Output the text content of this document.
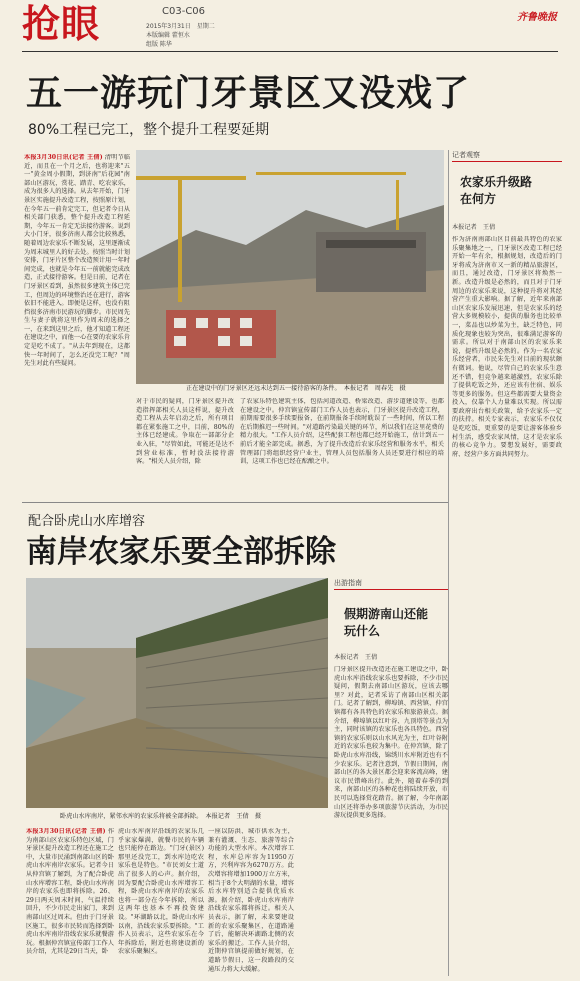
抢眼	C03-C06
2015年3月31日　星期二
本版编辑 藿恒水
组版 陈华
齐鲁晚报
五一游玩门牙景区又没戏了
80%工程已完工，整个提升工程要延期
正在建设中的门牙景区还远未达到五一接待游客的条件。　本报记者　周春先　摄
本报3月30日讯(记者 王倩) 清明节临近，而且在一个月之后，也将迎来"五一"黄金周小假期，到济南"后花园"南部山区游玩，赏花、踏青、吃农家乐，成为很多人的选择。从去年开始，门牙景区实施提升改造工程，按照原计划，在今年五一前肯定完工，但记者今日从相关部门获悉，整个提升改造工程延期，今年五一肯定无法接待游客。说到大小门牙，很多济南人都会比较熟悉，随着周边农家乐不断发展，这里逐渐成为周末城里人的好去处。按照当时计划安排，门牙片区整个改造预计用一年时间完成，也就是今年五一前就能完成改造，正式接待游客。但是日前，记者在门牙景区看到，虽然很多建筑主体已完工，但周边的环境整治还在进行，游客依旧不能进入。即便是这样，也没有阻挡很多济南市民游玩的脚步。市民周先生与妻子就将这里作为周末的选择之一，在来到这里之后，他才知道工程还在建设之中，而他一心在要的农家乐肯定是吃不成了。"从去年到现在，这都快一年时间了，怎么还没完工呢？"周先生对此有些疑问。
对于市民的疑问，门牙景区提升改造指挥部相关人员这样说，提升改造工程从去年启动之后，所有项目都在紧张施工之中，目前，80%的主体已经建成。争取在一部部分企业入驻，"尽管如此，可能还是达不到营业标准，暂时没法接待游客。"相关人员介绍，除
了农家乐特色建筑主体，包括河道改造、桥梁改造、游步道建设等，也都在建设之中。仲宫镇宣传部门工作人员也表示，门牙景区提升改造工程，前期需要很多手续要报备，在前期报备手续时耽误了一些时间，所以工程在后期推迟一些时间。"对道路污染最关键的环节，所以我们在这里花费的精力很大。"工作人员介绍，这些配套工程也都已经开始施工，估计到五一前后才能全部完成。据悉，为了提升改造后农家乐经营和服务水平，相关管理部门将组织经营户业主，管理人员包括服务人员还要进行相应的培训，这项工作也已经在酝酿之中。
记者观察
农家乐升级路在何方
本报记者　王倩
作为济南南部山区目前最具特色的农家乐聚集地之一，门牙景区改造工程已经开始一年有余，根据规划，改造后的门牙将成为济南市又一新的精品旅游区，而且，通过改造，门牙景区将焕然一新。改造升级是必然的，而且对于门牙周边的农家乐来说，这种提升将对其经营产生重大影响。据了解，近年来南部山区农家乐发展迅速，但是农家乐的经营大多规模较小，提供的服务也比较单一，菜品也以炒菜为主，缺乏特色，同质化现象也较为突出，很难满足游客的需求。所以对于南部山区的农家乐来说，提档升级是必然的。作为一名农家乐经营者，市民朱先生对目前的现状颇有微词。他说，尽管自己的农家乐生意还不错，但竞争越来越激烈，农家乐除了提供吃饭之外，还应该有住宿、娱乐等更多的服务。但这些都需要大量资金投入，仅靠个人力量难以实现。所以需要政府出台相关政策，给予农家乐一定的扶持。相关专家表示，农家乐不仅仅是吃吃饭，更重要的是要让游客体验乡村生活，感受农家风情，这才是农家乐的核心竞争力。要想发展好，需要政府、经营户多方面共同努力。
配合卧虎山水库增容
南岸农家乐要全部拆除
卧虎山水库南岸，紧邻水库的农家乐将被全部拆除。　本报记者　王倩　摄
本报3月30日讯(记者 王倩) 作为南部山区农家乐特色区域，门牙景区提升改造工程还在施工之中，大量市民涌到南部山区的卧虎山水库南岸农家乐。记者今日从仲宫镇了解到，为了配合卧虎山水库增容工程，卧虎山水库南岸的农家乐也即将拆除。26、29日两天周末时间，气温持续回升，不少市民走出家门，来到南部山区过周末。但由于门牙景区施工，很多市民转而选择到卧虎山水库南岸沿线农家乐就餐游玩。根据仲宫镇宣传部门工作人员介绍，尤其是29日当天，卧
虎山水库南岸沿线的农家乐几乎家家爆满，就餐市民的车辆也只能停在路边。"门牙(景区)那里还没完工，到水库边吃农家乐也是特色。"市民刘女士道出了很多人的心声。据介绍，因为要配合卧虎山水库增容工程，卧虎山水库南岸的农家乐也将一部分在今年拆除，所以这两年也基本不再投资建设。"环湖路以北，卧虎山水库以南，沿线农家乐要拆除。"工作人员表示，这些农家乐在今年拆除后，附近也将建设新的农家乐聚集区。
一座以防洪、城市供水为主，兼有灌溉、生态、旅游等综合功能的大型水库。本次增容工程，水库总库容为11950万方，兴利库容为6270万方。此次增容将增加1900万立方米，相当于8个大明湖的水量，增容后水库特别适合提供优质水源。据介绍，卧虎山水库南岸沿线农家乐都将拆迁。相关人员表示，据了解，未来要建设新的农家乐聚集区，在道路通了后，能解决环湖路北侧的农家乐的搬迁。工作人员介绍，近期仲宫镇提前做好规划，在道路节假日，这一段路段的交通压力将大大缓解。
出游指南
假期游南山还能玩什么
本报记者　王倩
门牙景区提升改造还在施工建设之中，卧虎山水库沿线农家乐也要拆除，不少市民疑问，假期去南部山区游玩，应该去哪里？对此，记者采访了南部山区相关部门。记者了解到，柳埠镇、西营镇、仲宫镇都有各具特色的农家乐和旅游景点。据介绍，柳埠镇以红叶谷、九顶塔等景点为主，同时该镇的农家乐也各具特色。西营镇的农家乐则以山水风光为主，红叶谷附近的农家乐也较为集中。在仲宫镇，除了卧虎山水库沿线，锦绣川水库附近也有不少农家乐。记者注意到，节假日期间，南部山区的各大景区都会迎来客流高峰，建议市民错峰出行。此外，随着春季的到来，南部山区的各种花也将陆续开放，市民可以选择赏花踏青。据了解，今年南部山区还将举办多项旅游节庆活动，为市民游玩提供更多选择。
